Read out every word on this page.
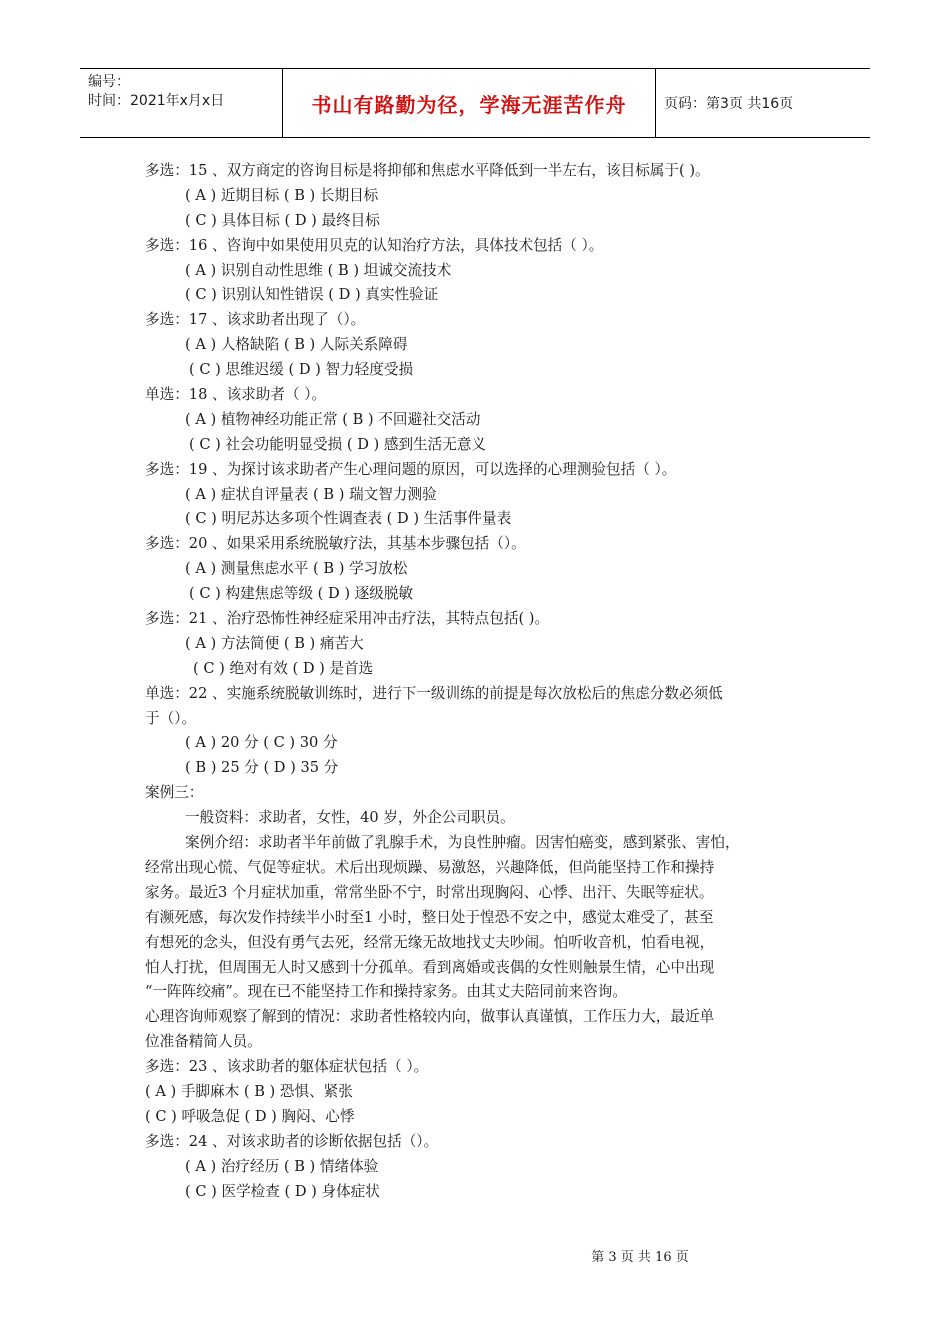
编号：
时间：2021年x月x日	书山有路勤为径，学海无涯苦作舟	页码：第3页 共16页
多选：15 、双方商定的咨询目标是将抑郁和焦虑水平降低到一半左右，该目标属于( )。
( A ) 近期目标 ( B ) 长期目标
( C ) 具体目标 ( D ) 最终目标
多选：16 、咨询中如果使用贝克的认知治疗方法，具体技术包括（ ）。
( A ) 识别自动性思维 ( B ) 坦诚交流技术
( C ) 识别认知性错误 ( D ) 真实性验证
多选：17 、该求助者出现了（）。
( A ) 人格缺陷 ( B ) 人际关系障碍
( C ) 思维迟缓 ( D ) 智力轻度受损
单选：18 、该求助者（ ）。
( A ) 植物神经功能正常 ( B ) 不回避社交活动
( C ) 社会功能明显受损 ( D ) 感到生活无意义
多选：19 、为探讨该求助者产生心理问题的原因，可以选择的心理测验包括（ ）。
( A ) 症状自评量表 ( B ) 瑞文智力测验
( C ) 明尼苏达多项个性调查表 ( D ) 生活事件量表
多选：20 、如果采用系统脱敏疗法，其基本步骤包括（）。
( A ) 测量焦虑水平 ( B ) 学习放松
( C ) 构建焦虑等级 ( D ) 逐级脱敏
多选：21 、治疗恐怖性神经症采用冲击疗法，其特点包括( )。
( A ) 方法简便 ( B ) 痛苦大
( C ) 绝对有效 ( D ) 是首选
单选：22 、实施系统脱敏训练时，进行下一级训练的前提是每次放松后的焦虑分数必须低
于（）。
( A ) 20 分 ( C ) 30 分
( B ) 25 分 ( D ) 35 分
案例三：
一般资料：求助者，女性，40 岁，外企公司职员。
案例介绍：求助者半年前做了乳腺手术，为良性肿瘤。因害怕癌变，感到紧张、害怕，
经常出现心慌、气促等症状。术后出现烦躁、易激怒，兴趣降低，但尚能坚持工作和操持
家务。最近3 个月症状加重，常常坐卧不宁，时常出现胸闷、心悸、出汗、失眠等症状。
有濒死感，每次发作持续半小时至1 小时，整日处于惶恐不安之中，感觉太难受了，甚至
有想死的念头，但没有勇气去死，经常无缘无故地找丈夫吵闹。怕听收音机，怕看电视，
怕人打扰，但周围无人时又感到十分孤单。看到离婚或丧偶的女性则触景生情，心中出现
“一阵阵绞痛”。现在已不能坚持工作和操持家务。由其丈夫陪同前来咨询。
心理咨询师观察了解到的情况：求助者性格较内向，做事认真谨慎，工作压力大，最近单
位准备精简人员。
多选：23 、该求助者的躯体症状包括（ ）。
( A ) 手脚麻木 ( B ) 恐惧、紧张
( C ) 呼吸急促 ( D ) 胸闷、心悸
多选：24 、对该求助者的诊断依据包括（）。
( A ) 治疗经历 ( B ) 情绪体验
( C ) 医学检查 ( D ) 身体症状
第 3 页 共 16 页
